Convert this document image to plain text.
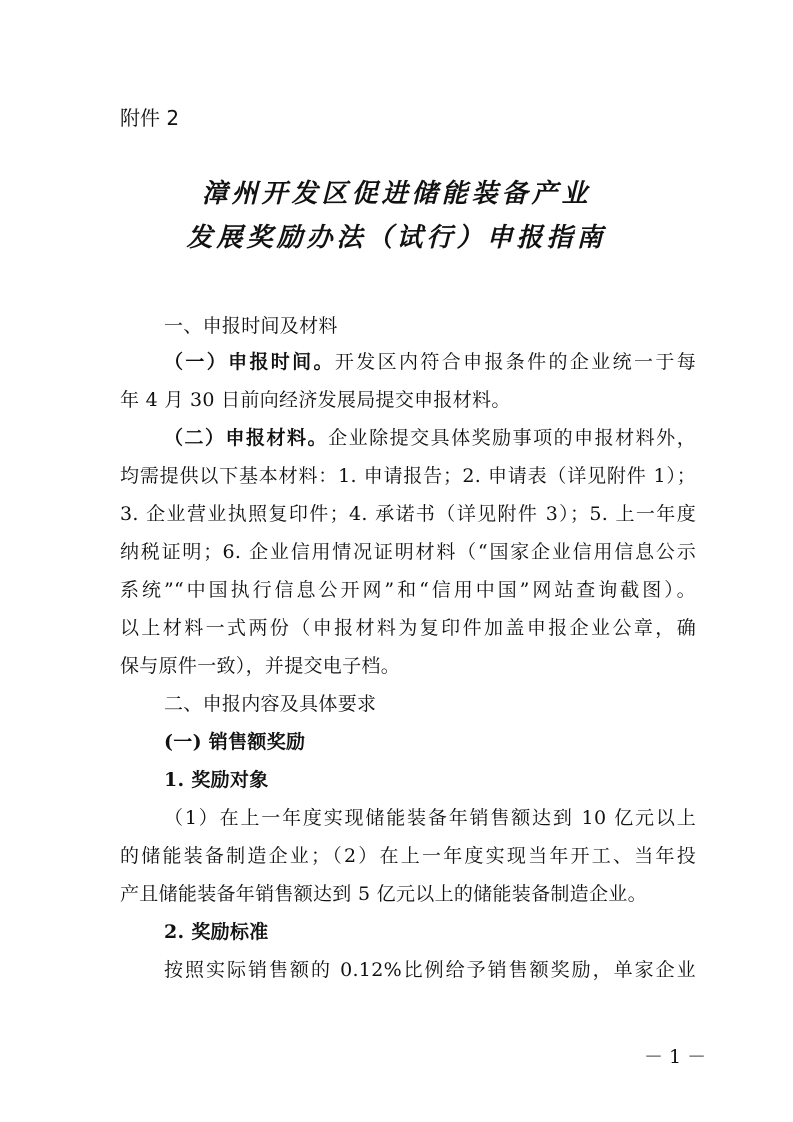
附件 2
漳州开发区促进储能装备产业
发展奖励办法（试行）申报指南
一、申报时间及材料
（一）申报时间。开发区内符合申报条件的企业统一于每
年 4 月 30 日前向经济发展局提交申报材料。
（二）申报材料。企业除提交具体奖励事项的申报材料外，
均需提供以下基本材料：1. 申请报告；2. 申请表（详见附件 1）；
3. 企业营业执照复印件；4. 承诺书（详见附件 3）；5. 上一年度
纳税证明；6. 企业信用情况证明材料（“国家企业信用信息公示
系统”“中国执行信息公开网”和“信用中国”网站查询截图）。
以上材料一式两份（申报材料为复印件加盖申报企业公章，确
保与原件一致），并提交电子档。
二、申报内容及具体要求
(一) 销售额奖励
1. 奖励对象
（1）在上一年度实现储能装备年销售额达到 10 亿元以上
的储能装备制造企业；（2）在上一年度实现当年开工、当年投
产且储能装备年销售额达到 5 亿元以上的储能装备制造企业。
2. 奖励标准
按照实际销售额的 0.12%比例给予销售额奖励，单家企业
－ 1 －
